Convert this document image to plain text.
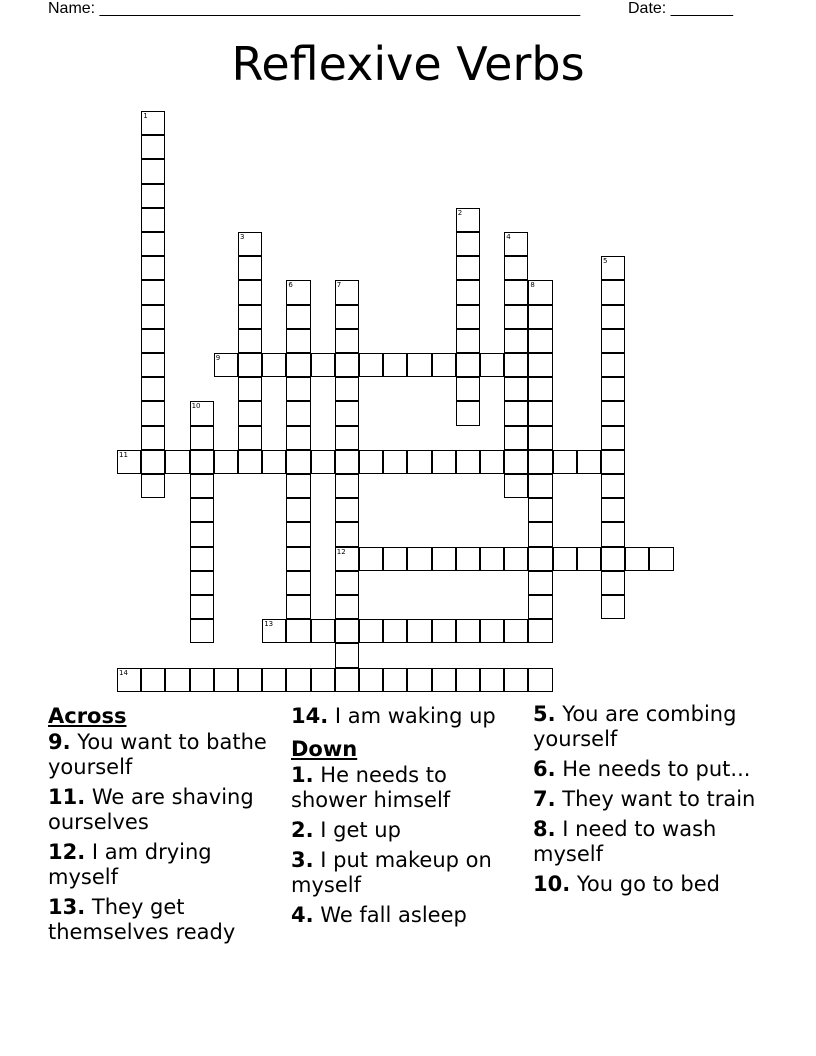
Name: ______________________________________________________	Date: _______
Reflexive Verbs
1
2
3	4
5
6	7
12
8
9
10
11
13
14
Across

9. You want to bathe yourself

11. We are shaving ourselves

12. I am drying myself

13. They get themselves ready

14. I am waking up

Down

1. He needs to shower himself

2. I get up

3. I put makeup on myself

4. We fall asleep

5. You are combing yourself

6. He needs to put...

7. They want to train

8. I need to wash myself

10. You go to bed
